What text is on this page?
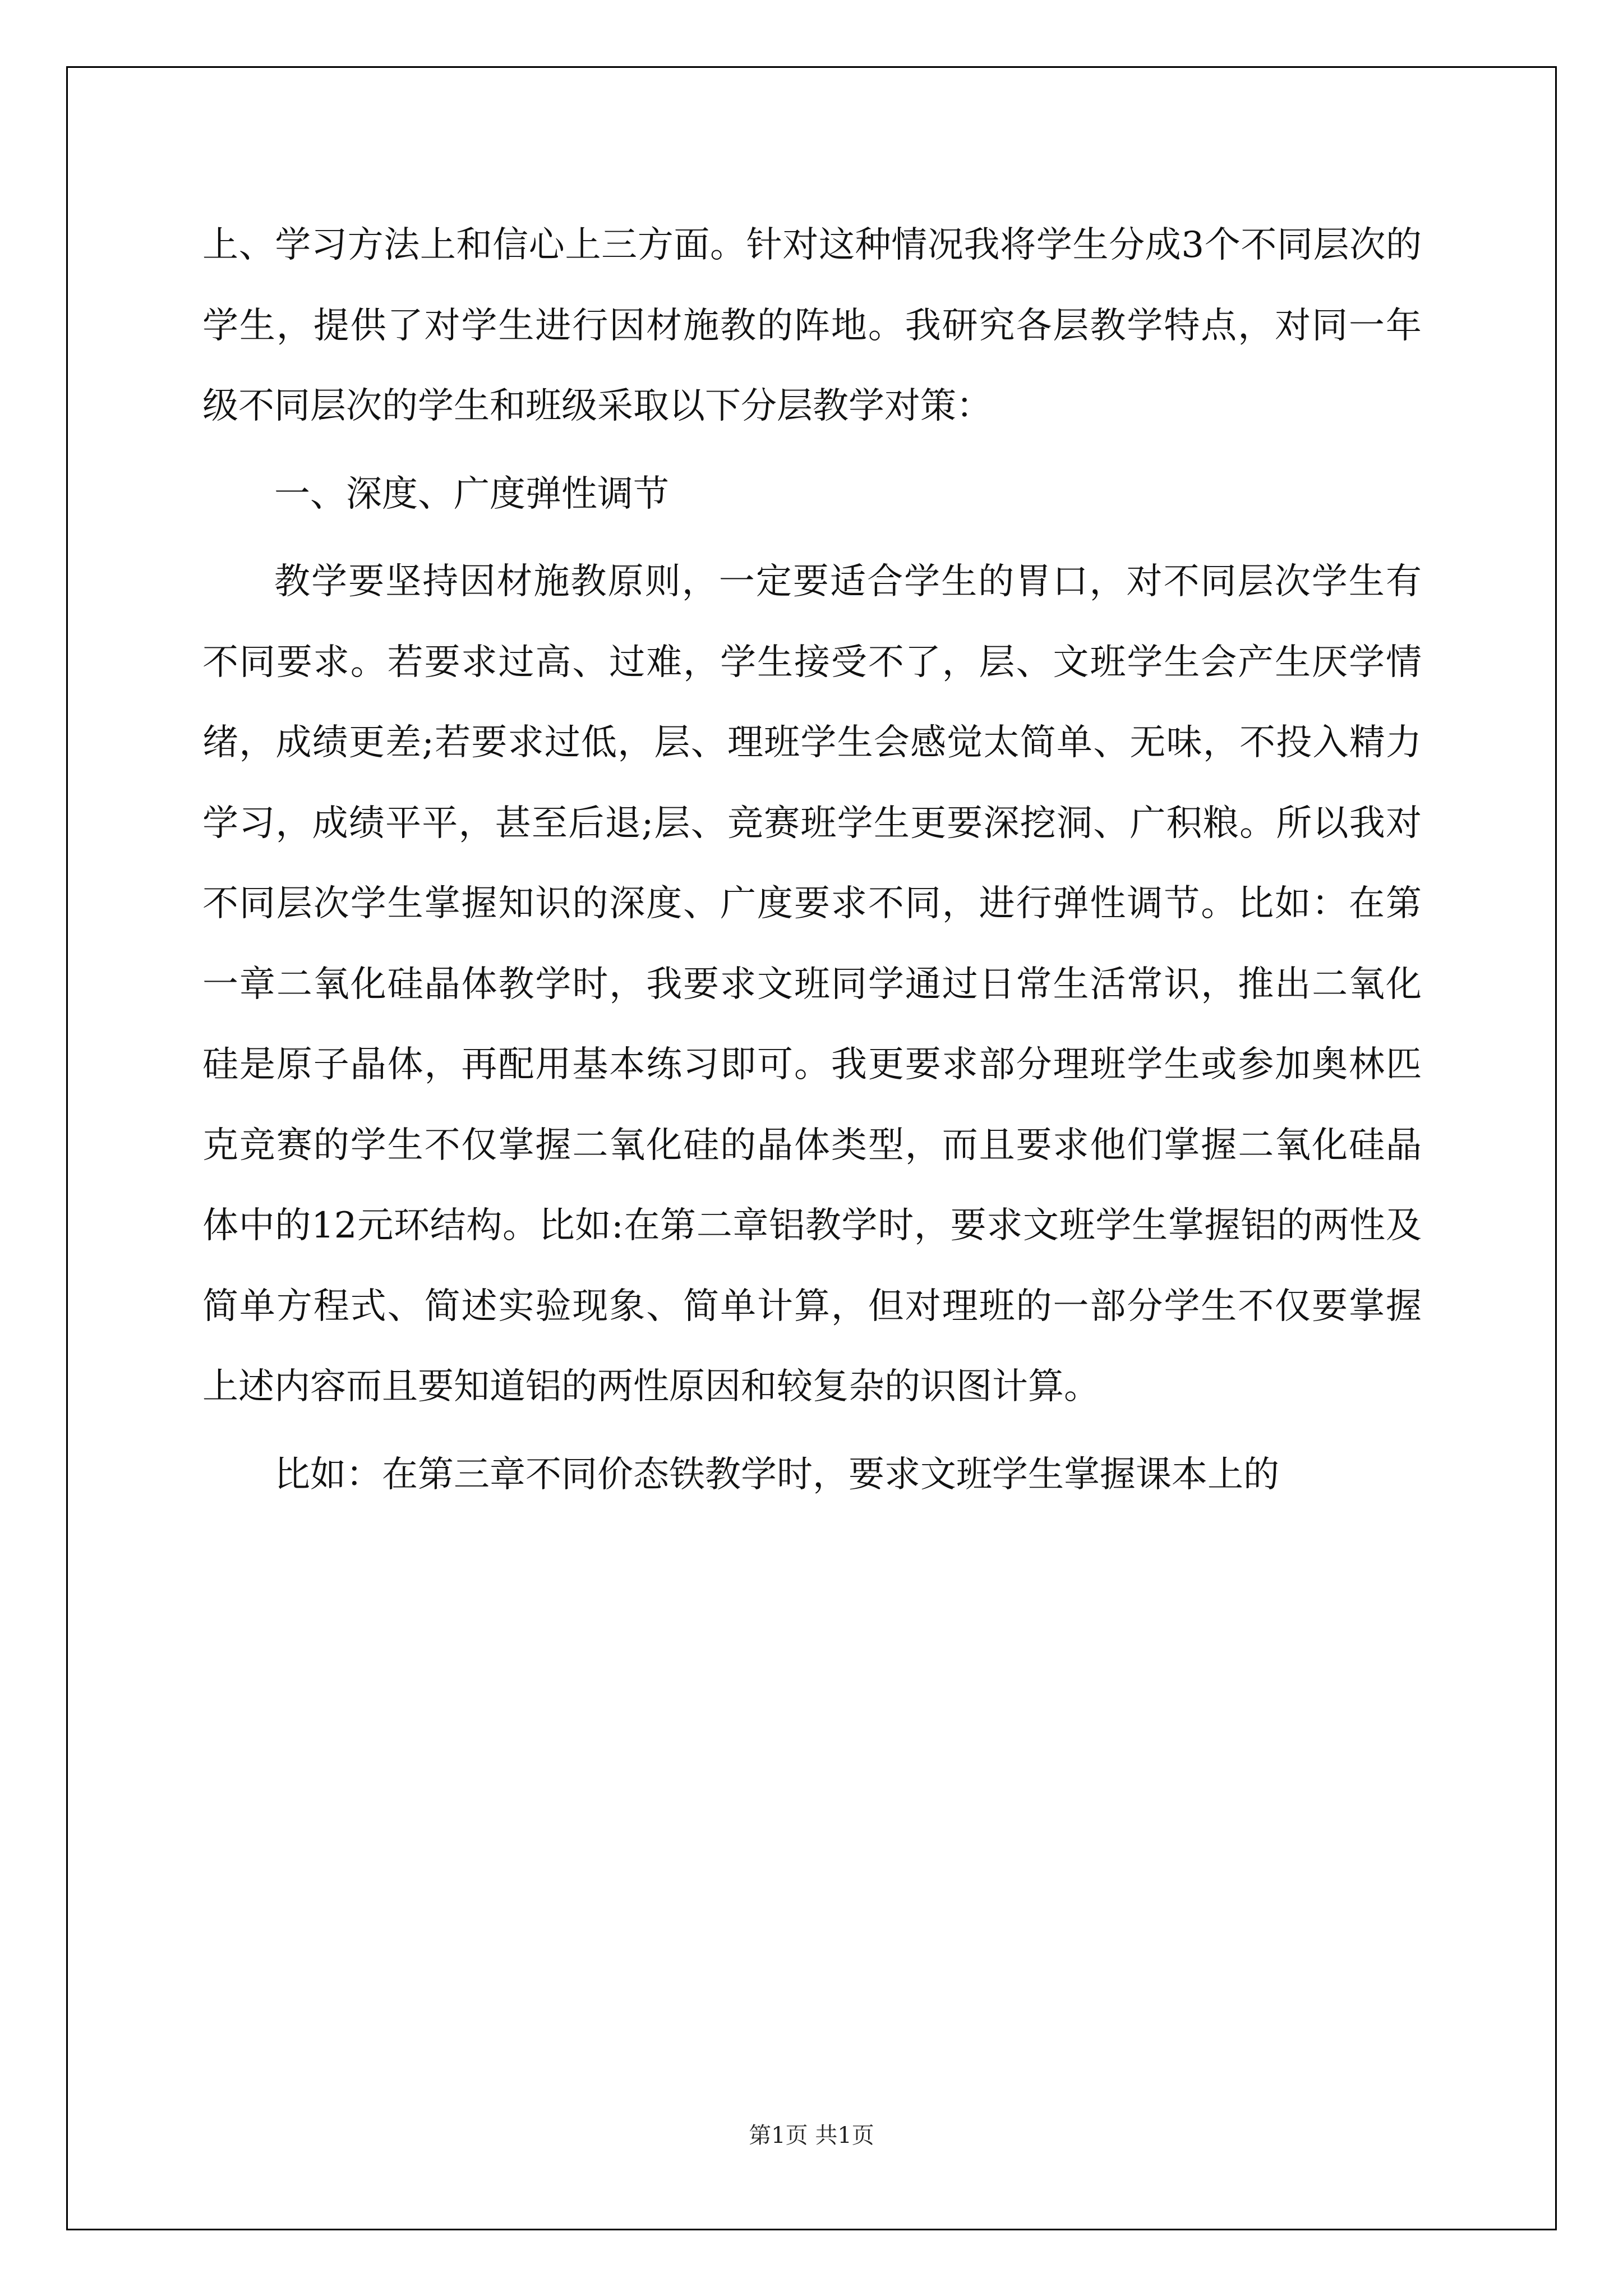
上、学习方法上和信心上三方面。针对这种情况我将学生分成3个不同层次的学生，提供了对学生进行因材施教的阵地。我研究各层教学特点，对同一年级不同层次的学生和班级采取以下分层教学对策：

一、深度、广度弹性调节

教学要坚持因材施教原则，一定要适合学生的胃口，对不同层次学生有不同要求。若要求过高、过难，学生接受不了，层、文班学生会产生厌学情绪，成绩更差;若要求过低，层、理班学生会感觉太简单、无味，不投入精力学习，成绩平平，甚至后退;层、竞赛班学生更要深挖洞、广积粮。所以我对不同层次学生掌握知识的深度、广度要求不同，进行弹性调节。比如：在第一章二氧化硅晶体教学时，我要求文班同学通过日常生活常识，推出二氧化硅是原子晶体，再配用基本练习即可。我更要求部分理班学生或参加奥林匹克竞赛的学生不仅掌握二氧化硅的晶体类型，而且要求他们掌握二氧化硅晶体中的12元环结构。比如:在第二章铝教学时，要求文班学生掌握铝的两性及简单方程式、简述实验现象、简单计算，但对理班的一部分学生不仅要掌握上述内容而且要知道铝的两性原因和较复杂的识图计算。

比如：在第三章不同价态铁教学时，要求文班学生掌握课本上的

第1页 共1页
